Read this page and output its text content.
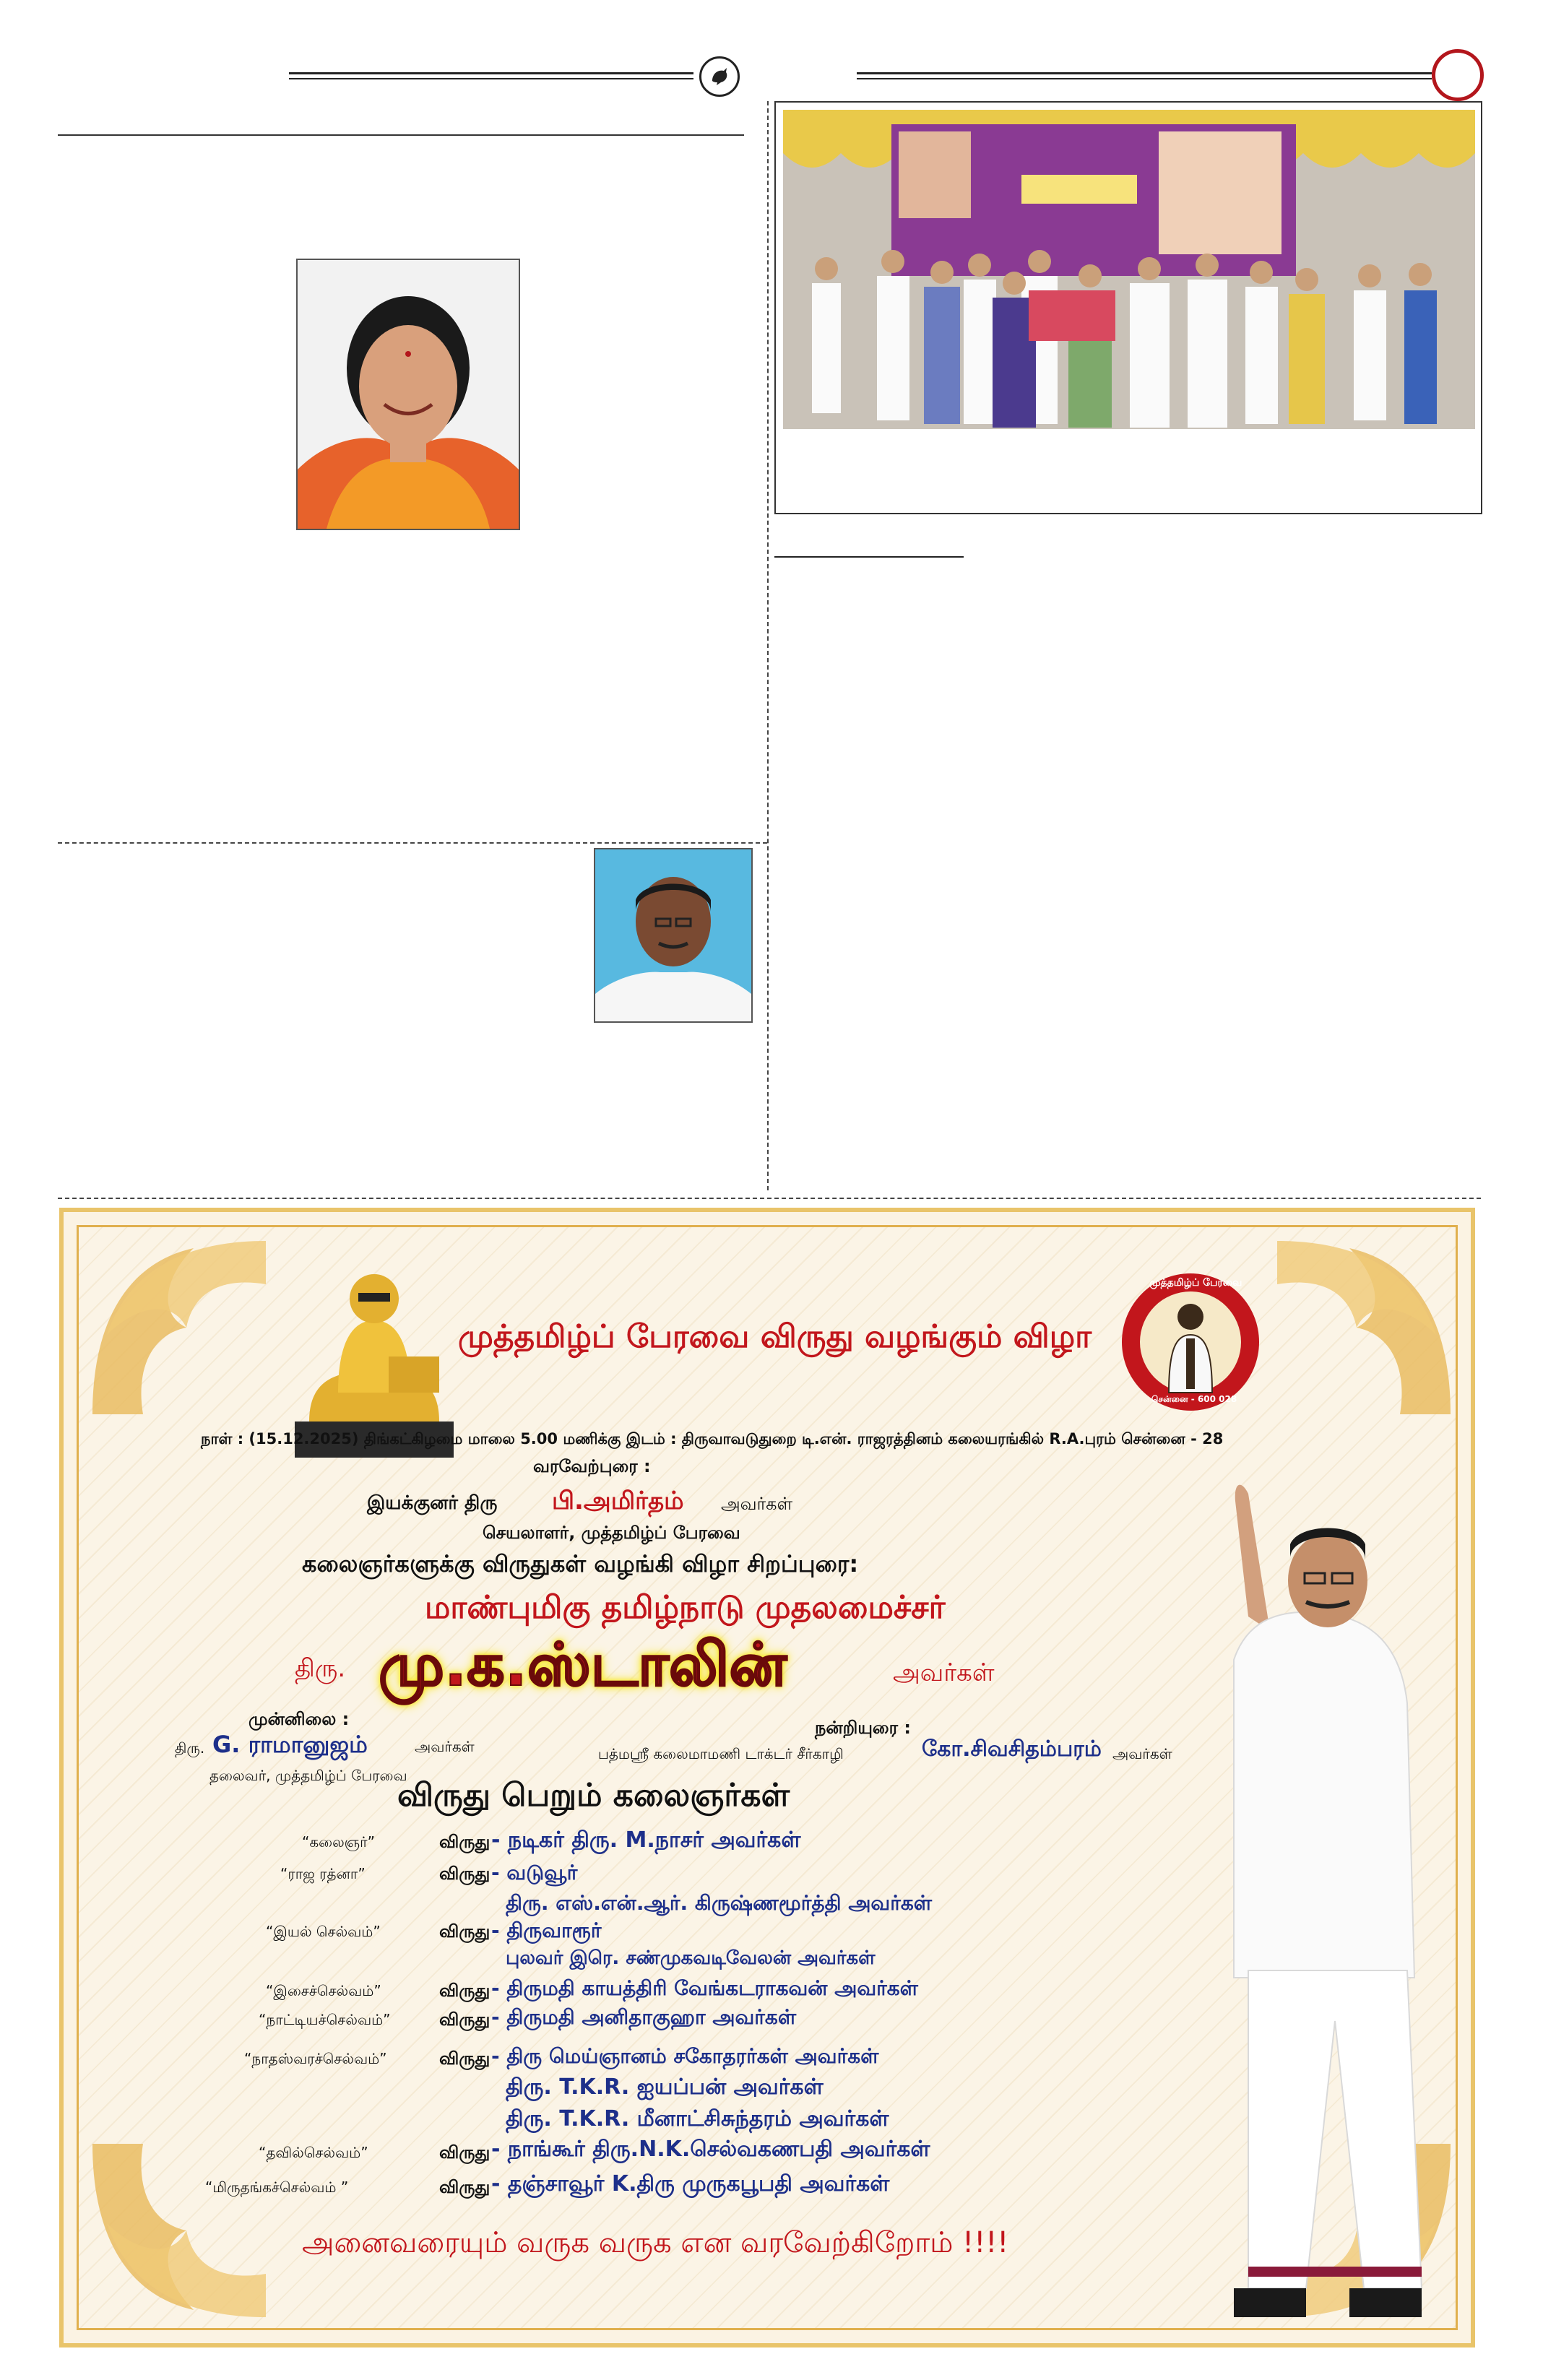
முத்தமிழ்ப் பேரவை
சென்னை - 600 028
முத்தமிழ்ப் பேரவை விருது வழங்கும் விழா
நாள் : (15.12.2025) திங்கட்கிழமை மாலை 5.00 மணிக்கு இடம் : திருவாவடுதுறை டி.என். ராஜரத்தினம் கலையரங்கில் R.A.புரம் சென்னை - 28
வரவேற்புரை :
இயக்குனர் திரு பி.அமிர்தம் அவர்கள்
செயலாளர், முத்தமிழ்ப் பேரவை
கலைஞர்களுக்கு விருதுகள் வழங்கி விழா சிறப்புரை:
மாண்புமிகு தமிழ்நாடு முதலமைச்சர்
திரு. மு.க.ஸ்டாலின்	அவர்கள்
முன்னிலை :
திரு. G. ராமானுஜம்	அவர்கள்
தலைவர், முத்தமிழ்ப் பேரவை
நன்றியுரை :
பத்மஸ்ரீ கலைமாமணி டாக்டர் சீர்காழி	கோ.சிவசிதம்பரம் அவர்கள்
விருது பெறும் கலைஞர்கள்
“கலைஞர்”	விருது - நடிகர் திரு. M.நாசர் அவர்கள்
“ராஜ ரத்னா”	விருது - வடுவூர்
திரு. எஸ்.என்.ஆர். கிருஷ்ணமூர்த்தி அவர்கள்
“இயல் செல்வம்”	விருது - திருவாரூர்
புலவர் இரெ. சண்முகவடிவேலன் அவர்கள்
“இசைச்செல்வம்”	விருது - திருமதி காயத்திரி வேங்கடராகவன் அவர்கள்
“நாட்டியச்செல்வம்”	விருது - திருமதி அனிதாகுஹா அவர்கள்
“நாதஸ்வரச்செல்வம்”	விருது - திரு மெய்ஞானம் சகோதரர்கள் அவர்கள்
திரு. T.K.R. ஐயப்பன் அவர்கள்
திரு. T.K.R. மீனாட்சிசுந்தரம் அவர்கள்
“தவில்செல்வம்”	விருது - நாங்கூர் திரு.N.K.செல்வகணபதி அவர்கள்
“மிருதங்கச்செல்வம் ”	விருது - தஞ்சாவூர் K.திரு முருகபூபதி அவர்கள்
அனைவரையும் வருக வருக என வரவேற்கிறோம் !!!!
